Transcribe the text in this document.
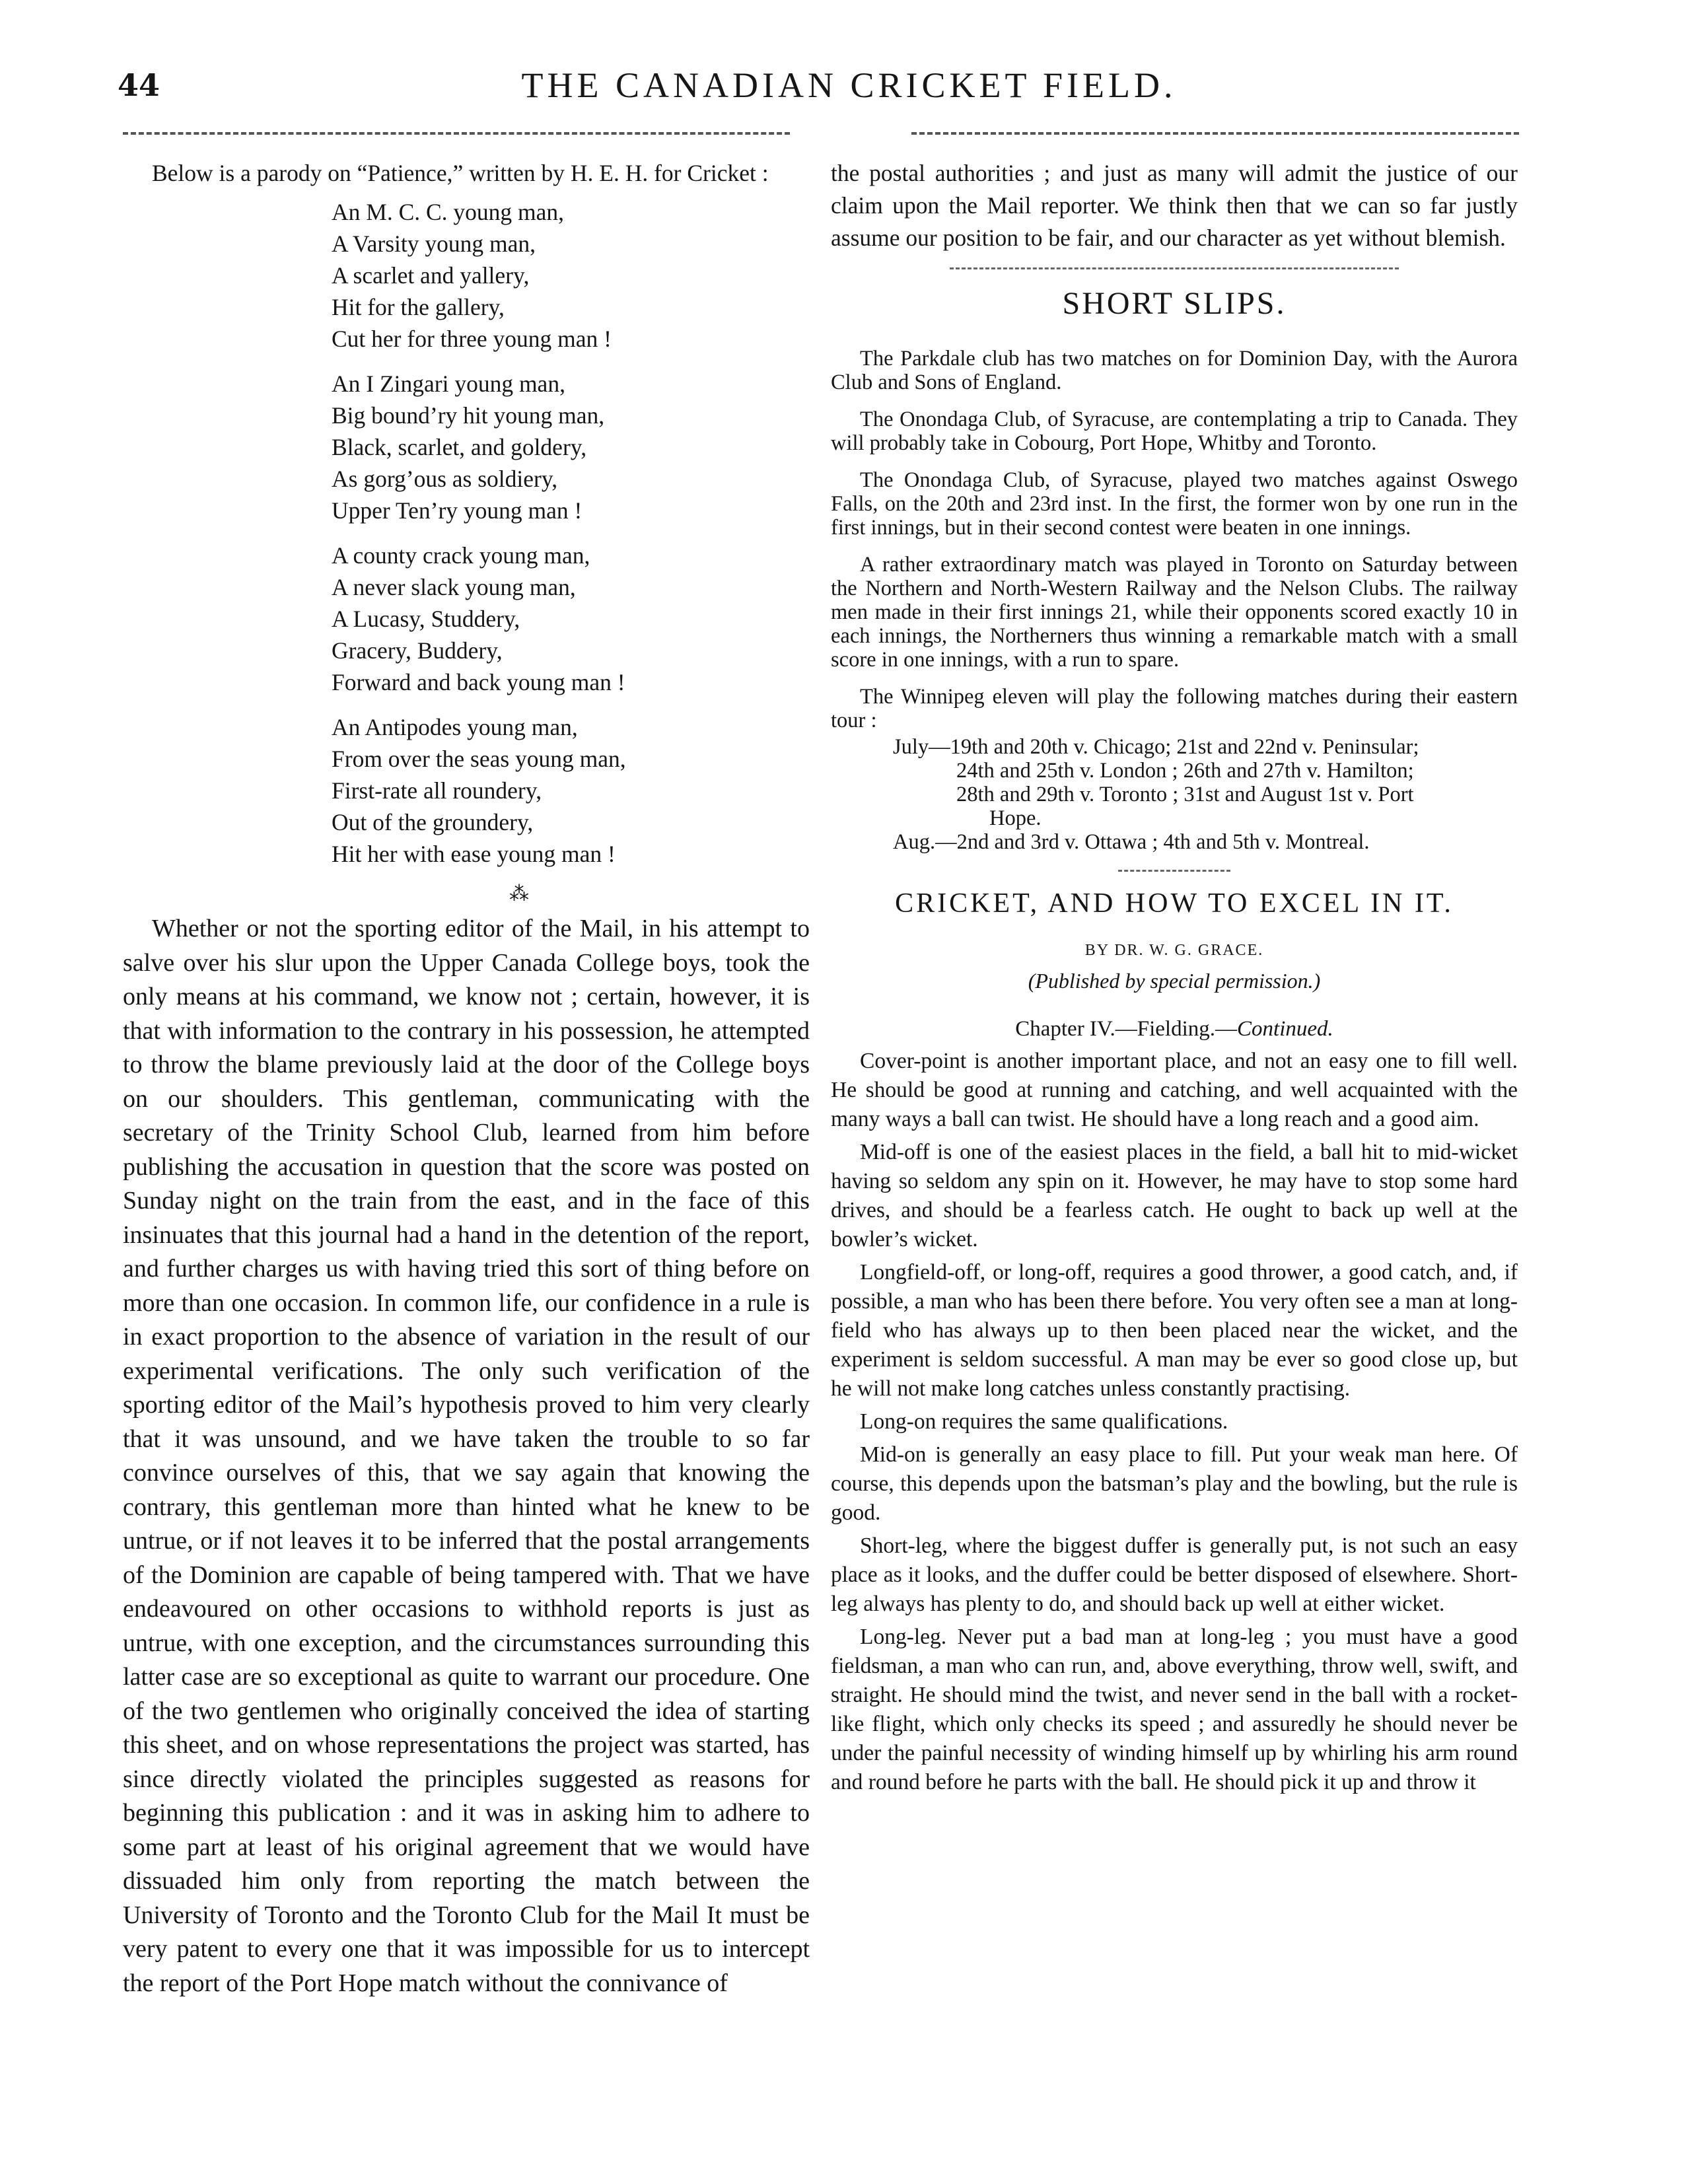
44	THE CANADIAN CRICKET FIELD.

Below is a parody on “Patience,” written by H. E. H. for Cricket :

An M. C. C. young man,
A Varsity young man,
A scarlet and yallery,
Hit for the gallery,
Cut her for three young man !
An I Zingari young man,
Big bound’ry hit young man,
Black, scarlet, and goldery,
As gorg’ous as soldiery,
Upper Ten’ry young man !
A county crack young man,
A never slack young man,
A Lucasy, Studdery,
Gracery, Buddery,
Forward and back young man !
An Antipodes young man,
From over the seas young man,
First-rate all roundery,
Out of the groundery,
Hit her with ease young man !
⁂

Whether or not the sporting editor of the Mail, in his attempt to salve over his slur upon the Upper Canada College boys, took the only means at his command, we know not ; certain, however, it is that with information to the contrary in his possession, he attempted to throw the blame previously laid at the door of the College boys on our shoulders. This gentleman, communicating with the secretary of the Trinity School Club, learned from him before publishing the accusation in question that the score was posted on Sunday night on the train from the east, and in the face of this insinuates that this journal had a hand in the detention of the report, and further charges us with having tried this sort of thing before on more than one occasion. In common life, our confidence in a rule is in exact proportion to the absence of variation in the result of our experimental verifications. The only such verification of the sporting editor of the Mail’s hypothesis proved to him very clearly that it was unsound, and we have taken the trouble to so far convince ourselves of this, that we say again that knowing the contrary, this gentleman more than hinted what he knew to be untrue, or if not leaves it to be inferred that the postal arrangements of the Dominion are capable of being tampered with. That we have endeavoured on other occasions to withhold reports is just as untrue, with one exception, and the circumstances surrounding this latter case are so exceptional as quite to warrant our procedure. One of the two gentlemen who originally conceived the idea of starting this sheet, and on whose representations the project was started, has since directly violated the principles suggested as reasons for beginning this publication : and it was in asking him to adhere to some part at least of his original agreement that we would have dissuaded him only from reporting the match between the University of Toronto and the Toronto Club for the Mail It must be very patent to every one that it was impossible for us to intercept the report of the Port Hope match without the connivance of

the postal authorities ; and just as many will admit the justice of our claim upon the Mail reporter. We think then that we can so far justly assume our position to be fair, and our character as yet without blemish.

SHORT SLIPS.

The Parkdale club has two matches on for Dominion Day, with the Aurora Club and Sons of England.

The Onondaga Club, of Syracuse, are contemplating a trip to Canada. They will probably take in Cobourg, Port Hope, Whitby and Toronto.

The Onondaga Club, of Syracuse, played two matches against Oswego Falls, on the 20th and 23rd inst. In the first, the former won by one run in the first innings, but in their second contest were beaten in one innings.

A rather extraordinary match was played in Toronto on Saturday between the Northern and North-Western Railway and the Nelson Clubs. The railway men made in their first innings 21, while their opponents scored exactly 10 in each innings, the Northerners thus winning a remarkable match with a small score in one innings, with a run to spare.

The Winnipeg eleven will play the following matches during their eastern tour :

July—19th and 20th v. Chicago; 21st and 22nd v. Peninsular;

24th and 25th v. London ; 26th and 27th v. Hamilton;

28th and 29th v. Toronto ; 31st and August 1st v. Port

Hope.

Aug.—2nd and 3rd v. Ottawa ; 4th and 5th v. Montreal.

CRICKET, AND HOW TO EXCEL IN IT.
BY DR. W. G. GRACE.
(Published by special permission.)
Chapter IV.—Fielding.—Continued.

Cover-point is another important place, and not an easy one to fill well. He should be good at running and catching, and well acquainted with the many ways a ball can twist. He should have a long reach and a good aim.

Mid-off is one of the easiest places in the field, a ball hit to mid-wicket having so seldom any spin on it. However, he may have to stop some hard drives, and should be a fearless catch. He ought to back up well at the bowler’s wicket.

Longfield-off, or long-off, requires a good thrower, a good catch, and, if possible, a man who has been there before. You very often see a man at long-field who has always up to then been placed near the wicket, and the experiment is seldom successful. A man may be ever so good close up, but he will not make long catches unless constantly practising.

Long-on requires the same qualifications.

Mid-on is generally an easy place to fill. Put your weak man here. Of course, this depends upon the batsman’s play and the bowling, but the rule is good.

Short-leg, where the biggest duffer is generally put, is not such an easy place as it looks, and the duffer could be better disposed of elsewhere. Short-leg always has plenty to do, and should back up well at either wicket.

Long-leg. Never put a bad man at long-leg ; you must have a good fieldsman, a man who can run, and, above everything, throw well, swift, and straight. He should mind the twist, and never send in the ball with a rocket-like flight, which only checks its speed ; and assuredly he should never be under the painful necessity of winding himself up by whirling his arm round and round before he parts with the ball. He should pick it up and throw it
